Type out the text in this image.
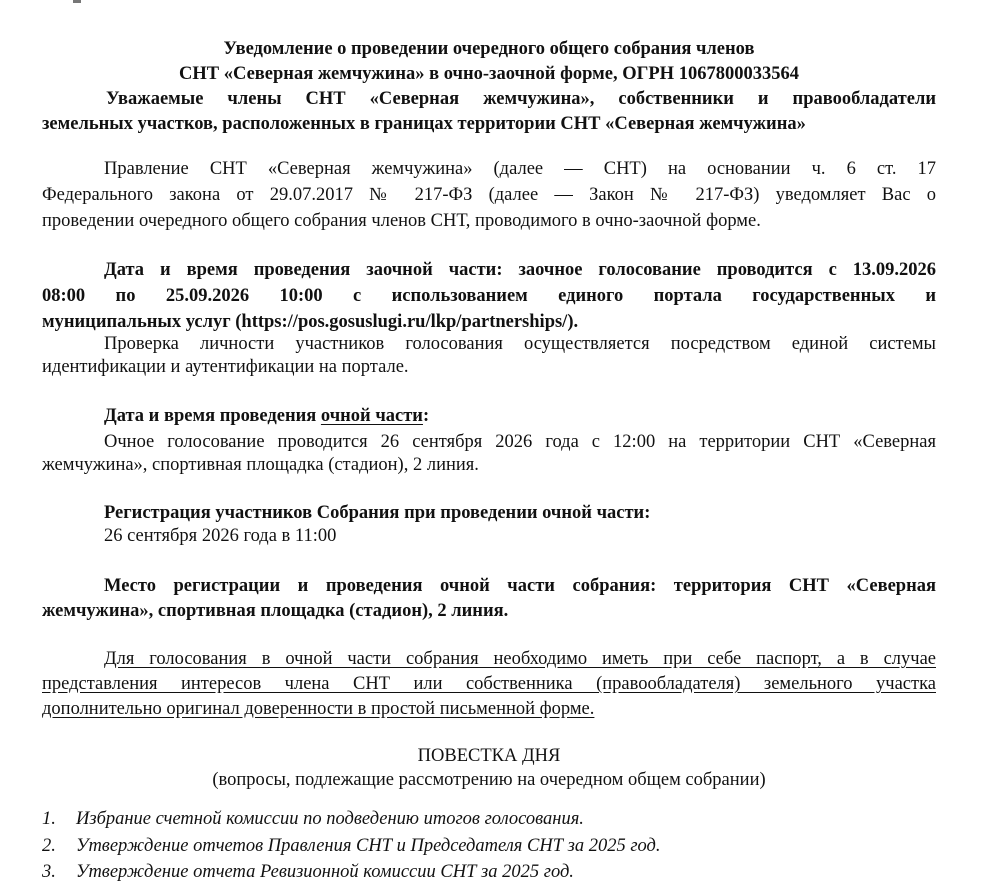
Уведомление о проведении очередного общего собрания членов
СНТ «Северная жемчужина» в очно-заочной форме, ОГРН 1067800033564
Уважаемые члены СНТ «Северная жемчужина», собственники и правообладатели
земельных участков, расположенных в границах территории СНТ «Северная жемчужина»
Правление СНТ «Северная жемчужина» (далее — СНТ) на основании ч. 6 ст. 17
Федерального закона от 29.07.2017 № 217-ФЗ (далее — Закон № 217-ФЗ) уведомляет Вас о
проведении очередного общего собрания членов СНТ, проводимого в очно-заочной форме.
Дата и время проведения заочной части: заочное голосование проводится с 13.09.2026
08:00 по 25.09.2026 10:00 с использованием единого портала государственных и
муниципальных услуг (https://pos.gosuslugi.ru/lkp/partnerships/).
Проверка личности участников голосования осуществляется посредством единой системы
идентификации и аутентификации на портале.
Дата и время проведения очной части:
Очное голосование проводится 26 сентября 2026 года с 12:00 на территории СНТ «Северная
жемчужина», спортивная площадка (стадион), 2 линия.
Регистрация участников Собрания при проведении очной части:
26 сентября 2026 года в 11:00
Место регистрации и проведения очной части собрания: территория СНТ «Северная
жемчужина», спортивная площадка (стадион), 2 линия.
Для голосования в очной части собрания необходимо иметь при себе паспорт, а в случае
представления интересов члена СНТ или собственника (правообладателя) земельного участка
дополнительно оригинал доверенности в простой письменной форме.
ПОВЕСТКА ДНЯ
(вопросы, подлежащие рассмотрению на очередном общем собрании)
1. Избрание счетной комиссии по подведению итогов голосования.
2. Утверждение отчетов Правления СНТ и Председателя СНТ за 2025 год.
3. Утверждение отчета Ревизионной комиссии СНТ за 2025 год.
